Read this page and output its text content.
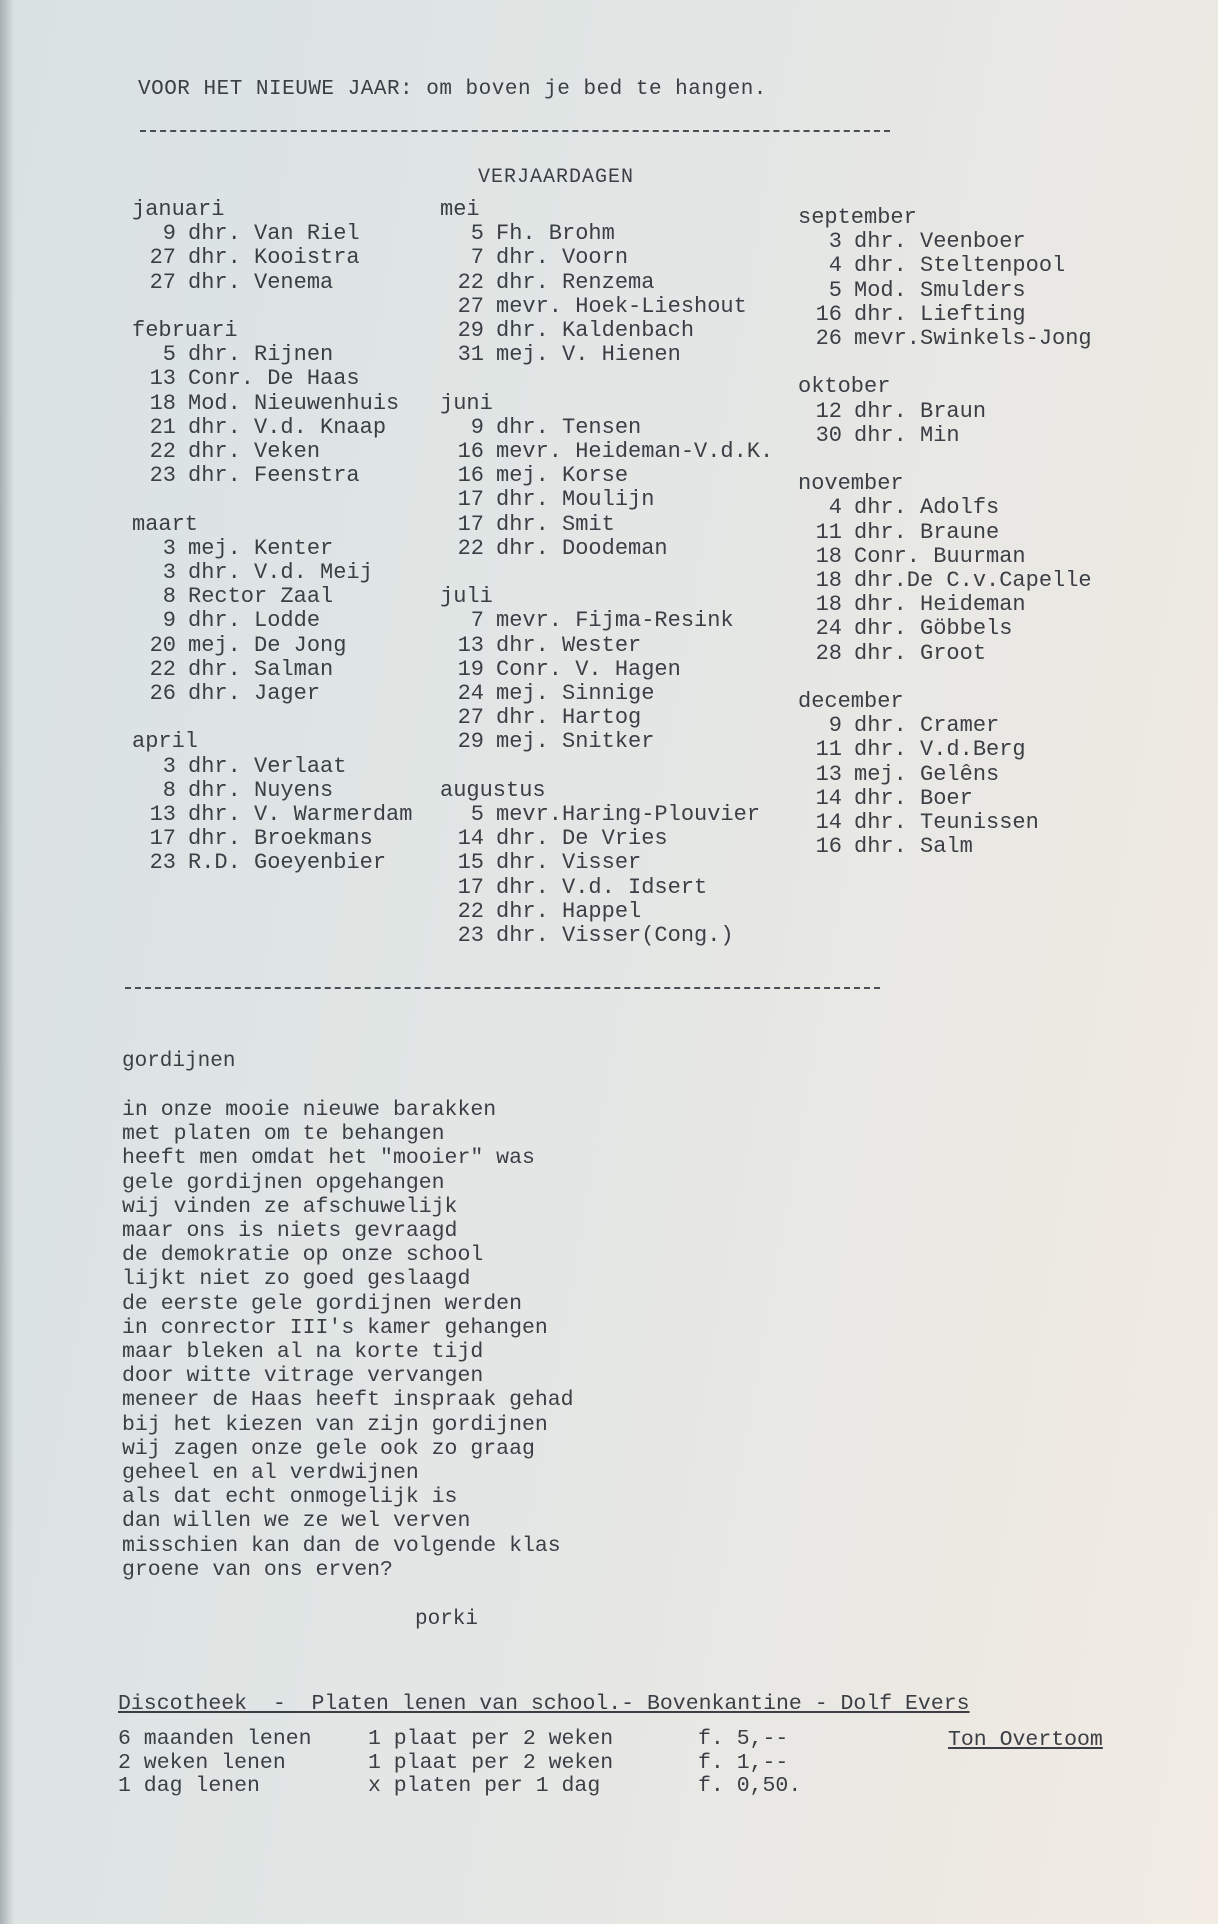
VOOR HET NIEUWE JAAR: om boven je bed te hangen.
VERJAARDAGEN
januari
9 dhr. Van Riel
27 dhr. Kooistra
27 dhr. Venema
februari
5 dhr. Rijnen
13 Conr. De Haas
18 Mod. Nieuwenhuis
21 dhr. V.d. Knaap
22 dhr. Veken
23 dhr. Feenstra
maart
3 mej. Kenter
3 dhr. V.d. Meij
8 Rector Zaal
9 dhr. Lodde
20 mej. De Jong
22 dhr. Salman
26 dhr. Jager
april
3 dhr. Verlaat
8 dhr. Nuyens
13 dhr. V. Warmerdam
17 dhr. Broekmans
23 R.D. Goeyenbier
mei
5 Fh. Brohm
7 dhr. Voorn
22 dhr. Renzema
27 mevr. Hoek-Lieshout
29 dhr. Kaldenbach
31 mej. V. Hienen
juni
9 dhr. Tensen
16 mevr. Heideman-V.d.K.
16 mej. Korse
17 dhr. Moulijn
17 dhr. Smit
22 dhr. Doodeman
juli
7 mevr. Fijma-Resink
13 dhr. Wester
19 Conr. V. Hagen
24 mej. Sinnige
27 dhr. Hartog
29 mej. Snitker
augustus
5 mevr.Haring-Plouvier
14 dhr. De Vries
15 dhr. Visser
17 dhr. V.d. Idsert
22 dhr. Happel
23 dhr. Visser(Cong.)
september
3 dhr. Veenboer
4 dhr. Steltenpool
5 Mod. Smulders
16 dhr. Liefting
26 mevr.Swinkels-Jong
oktober
12 dhr. Braun
30 dhr. Min
november
4 dhr. Adolfs
11 dhr. Braune
18 Conr. Buurman
18 dhr.De C.v.Capelle
18 dhr. Heideman
24 dhr. Göbbels
28 dhr. Groot
december
9 dhr. Cramer
11 dhr. V.d.Berg
13 mej. Gelêns
14 dhr. Boer
14 dhr. Teunissen
16 dhr. Salm
gordijnen
in onze mooie nieuwe barakken
met platen om te behangen
heeft men omdat het "mooier" was
gele gordijnen opgehangen
wij vinden ze afschuwelijk
maar ons is niets gevraagd
de demokratie op onze school
lijkt niet zo goed geslaagd
de eerste gele gordijnen werden
in conrector III's kamer gehangen
maar bleken al na korte tijd
door witte vitrage vervangen
meneer de Haas heeft inspraak gehad
bij het kiezen van zijn gordijnen
wij zagen onze gele ook zo graag
geheel en al verdwijnen
als dat echt onmogelijk is
dan willen we ze wel verven
misschien kan dan de volgende klas
groene van ons erven?
porki
Discotheek  -  Platen lenen van school.- Bovenkantine - Dolf Evers
Ton Overtoom
6 maanden lenen	1 plaat per 2 weken	f. 5,--
2 weken lenen	1 plaat per 2 weken	f. 1,--
1 dag lenen	x platen per 1 dag	f. 0,50.
